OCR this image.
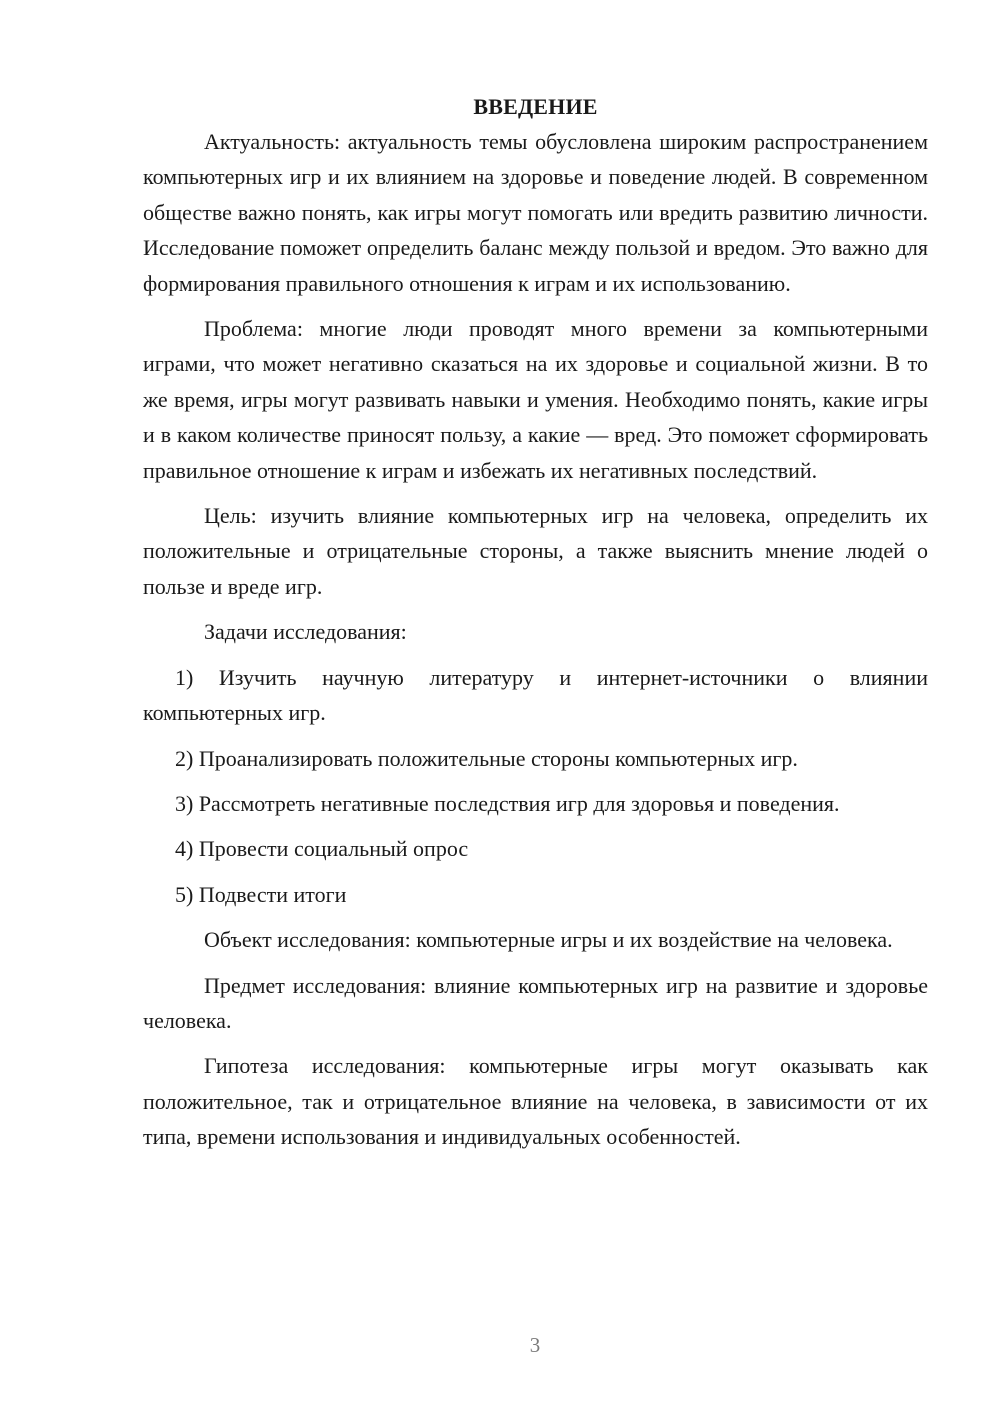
ВВЕДЕНИЕ

Актуальность: актуальность темы обусловлена широким распространением компьютерных игр и их влиянием на здоровье и поведение людей. В современном обществе важно понять, как игры могут помогать или вредить развитию личности. Исследование поможет определить баланс между пользой и вредом. Это важно для формирования правильного отношения к играм и их использованию.

Проблема: многие люди проводят много времени за компьютерными играми, что может негативно сказаться на их здоровье и социальной жизни. В то же время, игры могут развивать навыки и умения. Необходимо понять, какие игры и в каком количестве приносят пользу, а какие — вред. Это поможет сформировать правильное отношение к играм и избежать их негативных последствий.

Цель: изучить влияние компьютерных игр на человека, определить их положительные и отрицательные стороны, а также выяснить мнение людей о пользе и вреде игр.

Задачи исследования:

1) Изучить научную литературу и интернет-источники о влиянии компьютерных игр.

2) Проанализировать положительные стороны компьютерных игр.

3) Рассмотреть негативные последствия игр для здоровья и поведения.

4) Провести социальный опрос

5) Подвести итоги

Объект исследования: компьютерные игры и их воздействие на человека.

Предмет исследования: влияние компьютерных игр на развитие и здоровье человека.

Гипотеза исследования: компьютерные игры могут оказывать как положительное, так и отрицательное влияние на человека, в зависимости от их типа, времени использования и индивидуальных особенностей.

3
